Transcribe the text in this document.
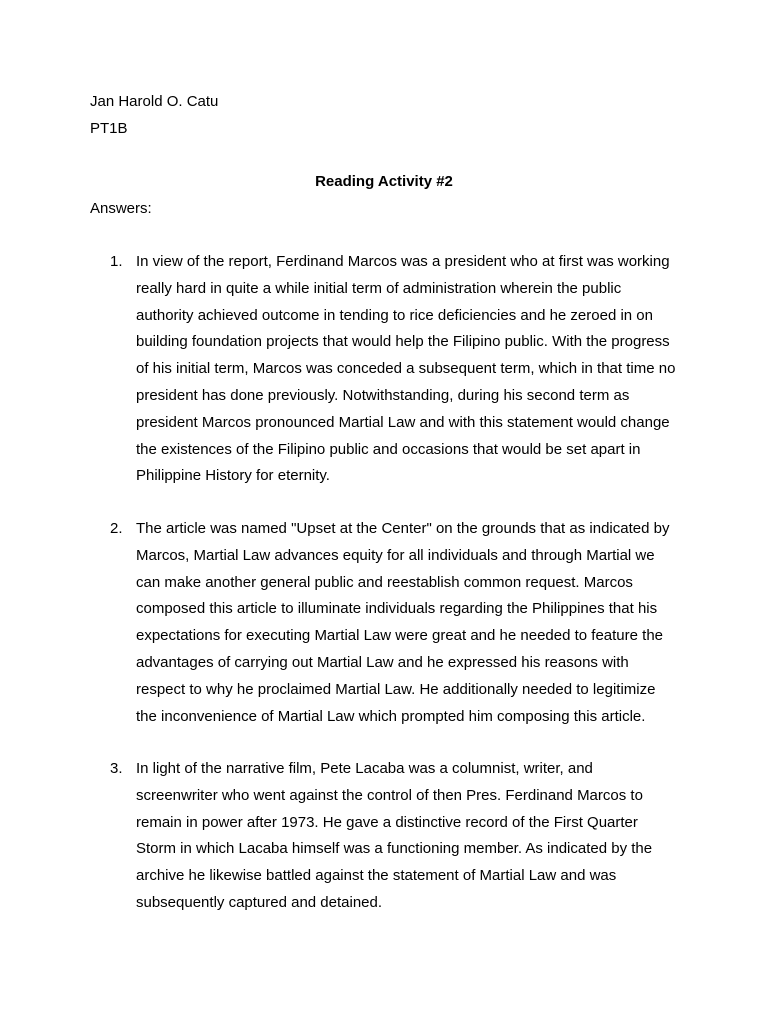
Jan Harold O. Catu
PT1B
Reading Activity #2
Answers:
1. In view of the report, Ferdinand Marcos was a president who at first was working
really hard in quite a while initial term of administration wherein the public
authority achieved outcome in tending to rice deficiencies and he zeroed in on
building foundation projects that would help the Filipino public. With the progress
of his initial term, Marcos was conceded a subsequent term, which in that time no
president has done previously. Notwithstanding, during his second term as
president Marcos pronounced Martial Law and with this statement would change
the existences of the Filipino public and occasions that would be set apart in
Philippine History for eternity.
2. The article was named "Upset at the Center" on the grounds that as indicated by
Marcos, Martial Law advances equity for all individuals and through Martial we
can make another general public and reestablish common request. Marcos
composed this article to illuminate individuals regarding the Philippines that his
expectations for executing Martial Law were great and he needed to feature the
advantages of carrying out Martial Law and he expressed his reasons with
respect to why he proclaimed Martial Law. He additionally needed to legitimize
the inconvenience of Martial Law which prompted him composing this article.
3. In light of the narrative film, Pete Lacaba was a columnist, writer, and
screenwriter who went against the control of then Pres. Ferdinand Marcos to
remain in power after 1973. He gave a distinctive record of the First Quarter
Storm in which Lacaba himself was a functioning member. As indicated by the
archive he likewise battled against the statement of Martial Law and was
subsequently captured and detained.
